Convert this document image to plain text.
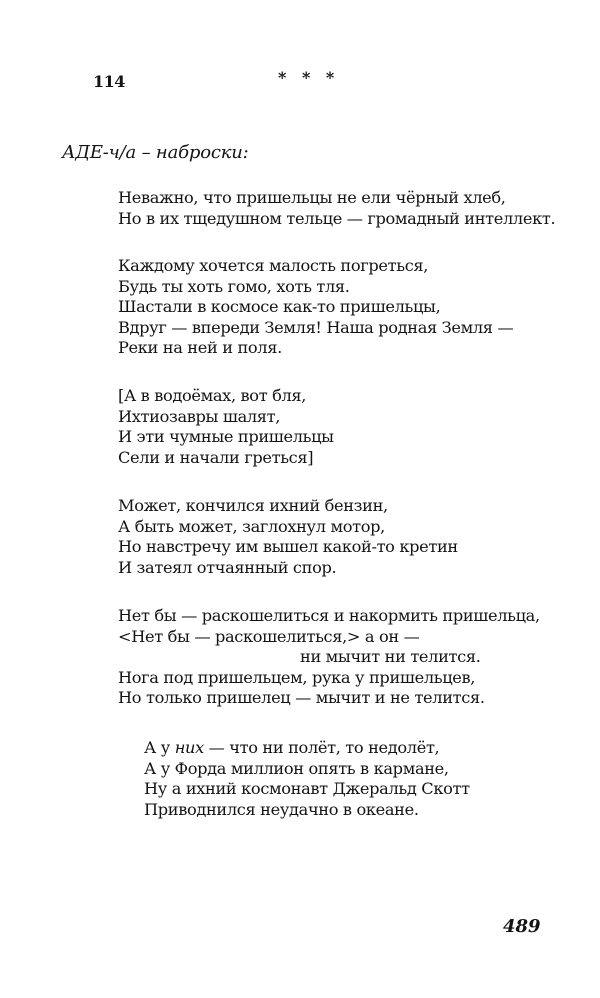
114	* * *
АДЕ-ч/а – наброски:
Неважно, что пришельцы не ели чёрный хлеб,
Но в их тщедушном тельце — громадный интеллект.
Каждому хочется малость погреться,
Будь ты хоть гомо, хоть тля.
Шастали в космосе как-то пришельцы,
Вдруг — впереди Земля! Наша родная Земля —
Реки на ней и поля.
[А в водоёмах, вот бля,
Ихтиозавры шалят,
И эти чумные пришельцы
Сели и начали греться]
Может, кончился ихний бензин,
А быть может, заглохнул мотор,
Но навстречу им вышел какой-то кретин
И затеял отчаянный спор.
Нет бы — раскошелиться и накормить пришельца,
<Нет бы — раскошелиться,> а он —
ни мычит ни телится.
Нога под пришельцем, рука у пришельцев,
Но только пришелец — мычит и не телится.
А у них — что ни полёт, то недолёт,
А у Форда миллион опять в кармане,
Ну а ихний космонавт Джеральд Скотт
Приводнился неудачно в океане.
489
